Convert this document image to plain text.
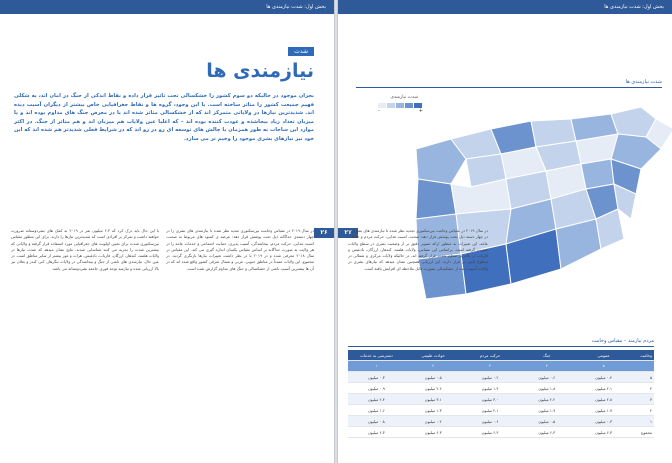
بخش اول: شدت نیازمندی ها
شدت
نیازمندی ها
بحران موجود در حالیکه دو سوم کشور را خشکسالی تحت تاثیر قرار داده و نقاط اندکی از جنگ در امان اند، به شکلی فهیم جمیعت کشور را متاثر ساخته است. با این وجود، گروه ها و نقاط جغرافیایی خاص بیشتر از دیگران آسیب دیده اند. شدیدترین نیازها در ولایاتی متمرکز اند که از خشکسالی متاثر شده اند یا در معرض جنگ های مداوم بوده اند و یا میزبان تعداد زیاد بیجاشده و عودت کننده بوده اند – که اغلبا عین ولایات هم میزبان اند و هم متاثر از جنگ. در اکثر موارد این ساحات به طور همزمان با چالش های توسعه ای رو در رو اند که در شرایط فعلی شدیدتر هم شده اند که این خود نیز نیازهای بشری موجود را وخیم تر می سازد.
در سال ۲۰۱۹ در مقیاس وخامت بین‌سکتوری تعدید نظر شده تا نیازمندی های بشری را در چهار دسته‌ی جداگانه ذیل تحت پوشش قرار دهد: عرضه ی کمبود های مربوط به صحت، امنیت غذایی، حرکت مردم، بیجاشدگی، آسیب پذیری، حمایت اجتماعی و خدمات عامه را در هر ولایت به صورت جداگانه بر اساس مقیاس یکسان اندازه گیری می کند. این مقیاس در سال ۲۰۱۸ معرفی شده و در ۲۰۱۹ با در نظر داشت تغییرات نیازها بازنگری گردید. در مجموع، این ولایات عمدتاً در مناطق جنوبی، غربی و شمال شرقی کشور واقع شده اند که در آن ها بیشترین آسیب ناشی از خشکسالی و جنگ های مداوم گزارش شده است.
با این حال باید درک کرد که ۶.۳ میلیون نفر در ۲۰۱۹ به کمک های بشردوستانه ضرورت خواهند داشت و تمرکز بر افرادی است که شدیدترین نیازها را دارند. برای این منظور مقیاس بین‌سکتوری شدت برای تعیین اولویت های جغرافیایی مورد استفاده قرار گرفته و ولایاتی که بیشترین شدت را تجربه می کنند شناسایی شدند. نتایج نشان میدهد که شدت نیازها در ولایات هلمند، کندهار، ارزگان، فاریاب، بادغیس، هرات و غور بیشتر از سایر مناطق است. در عین حال، نیازمندی های ناشی از جنگ و بیجاشدگی در ولایات ننگرهار، کنر، کندز و بغلان نیز بالا ارزیابی شده و نیازمند توجه فوری جامعه بشردوستانه می باشد.
۲۶
بخش اول: شدت نیازمندی ها
شدت نیازمندی ها
شدت نیازمندی
-	+
۲۷
در سال ۲۰۱۹ در مقیاس وخامت بین‌سکتوری تجدید نظر شده تا نیازمندی های بشری را در چهار دسته ذیل تحت پوشش قرار دهد: صحت، امنیت غذایی، حرکت مردم و خدمات عامه. این تغییرات به منظور ارائه تصویر دقیق تر از وضعیت بشری در سطح ولایات صورت گرفته است. براساس این مقیاس، ولایات هلمند، کندهار، ارزگان، بادغیس و فاریاب در بالاترین سطح شدت قرار گرفته اند، در حالیکه ولایات مرکزی و شمالی در سطوح پایین تر قرار دارند. این ارزیابی همچنین نشان میدهد که نیازهای بشری در ولایات آسیب دیده از خشکسالی بصورت قابل ملاحظه ای افزایش یافته است.
مردم نیازمند – مقیاس وخامت
وخامت
عمومی
جنگ
حرکت مردم
حوادث طبیعی
دسترسی به خدمات
۵
۴
۳
۲
۱
۵
۰.۴ میلیون
۰.۶ میلیون
۰.۲ میلیون
۰.۵ میلیون
۰.۳ میلیون
۴
۲.۱ میلیون
۱.۸ میلیون
۱.۴ میلیون
۲.۶ میلیون
۰.۹ میلیون
۳
۲.۸ میلیون
۲.۲ میلیون
۳.۰ میلیون
۳.۱ میلیون
۲.۴ میلیون
۲
۱.۷ میلیون
۱.۹ میلیون
۲.۱ میلیون
۱.۳ میلیون
۱.۶ میلیون
۱
۰.۳ میلیون
۰.۵ میلیون
۰.۶ میلیون
۰.۲ میلیون
۰.۸ میلیون
مجموع
۶.۳ میلیون
۶.۳ میلیون
۶.۳ میلیون
۶.۳ میلیون
۶.۳ میلیون
